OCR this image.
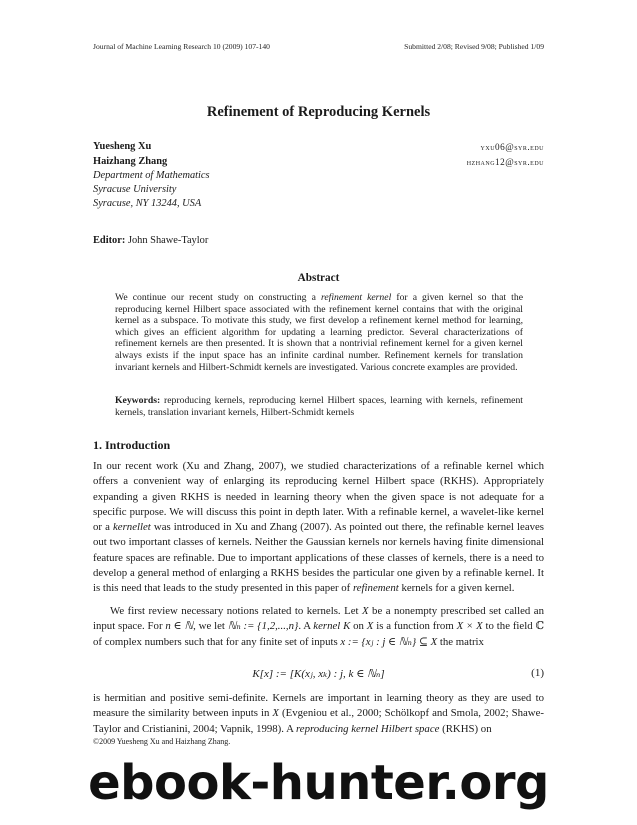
Journal of Machine Learning Research 10 (2009) 107-140	Submitted 2/08; Revised 9/08; Published 1/09
Refinement of Reproducing Kernels
Yuesheng Xu	yxu06@syr.edu
Haizhang Zhang	hzhang12@syr.edu
Department of Mathematics
Syracuse University
Syracuse, NY 13244, USA
Editor: John Shawe-Taylor
Abstract
We continue our recent study on constructing a refinement kernel for a given kernel so that the reproducing kernel Hilbert space associated with the refinement kernel contains that with the original kernel as a subspace. To motivate this study, we first develop a refinement kernel method for learning, which gives an efficient algorithm for updating a learning predictor. Several characterizations of refinement kernels are then presented. It is shown that a nontrivial refinement kernel for a given kernel always exists if the input space has an infinite cardinal number. Refinement kernels for translation invariant kernels and Hilbert-Schmidt kernels are investigated. Various concrete examples are provided.
Keywords: reproducing kernels, reproducing kernel Hilbert spaces, learning with kernels, refinement kernels, translation invariant kernels, Hilbert-Schmidt kernels
1. Introduction
In our recent work (Xu and Zhang, 2007), we studied characterizations of a refinable kernel which offers a convenient way of enlarging its reproducing kernel Hilbert space (RKHS). Appropriately expanding a given RKHS is needed in learning theory when the given space is not adequate for a specific purpose. We will discuss this point in depth later. With a refinable kernel, a wavelet-like kernel or a kernellet was introduced in Xu and Zhang (2007). As pointed out there, the refinable kernel leaves out two important classes of kernels. Neither the Gaussian kernels nor kernels having finite dimensional feature spaces are refinable. Due to important applications of these classes of kernels, there is a need to develop a general method of enlarging a RKHS besides the particular one given by a refinable kernel. It is this need that leads to the study presented in this paper of refinement kernels for a given kernel.
We first review necessary notions related to kernels. Let X be a nonempty prescribed set called an input space. For n ∈ ℕ, we let ℕₙ := {1,2,...,n}. A kernel K on X is a function from X × X to the field ℂ of complex numbers such that for any finite set of inputs x := {xⱼ : j ∈ ℕₙ} ⊆ X the matrix
K[x] := [K(xⱼ, xₖ) : j, k ∈ ℕₙ]	(1)
is hermitian and positive semi-definite. Kernels are important in learning theory as they are used to measure the similarity between inputs in X (Evgeniou et al., 2000; Schölkopf and Smola, 2002; Shawe-Taylor and Cristianini, 2004; Vapnik, 1998). A reproducing kernel Hilbert space (RKHS) on
©2009 Yuesheng Xu and Haizhang Zhang.
ebook-hunter.org
